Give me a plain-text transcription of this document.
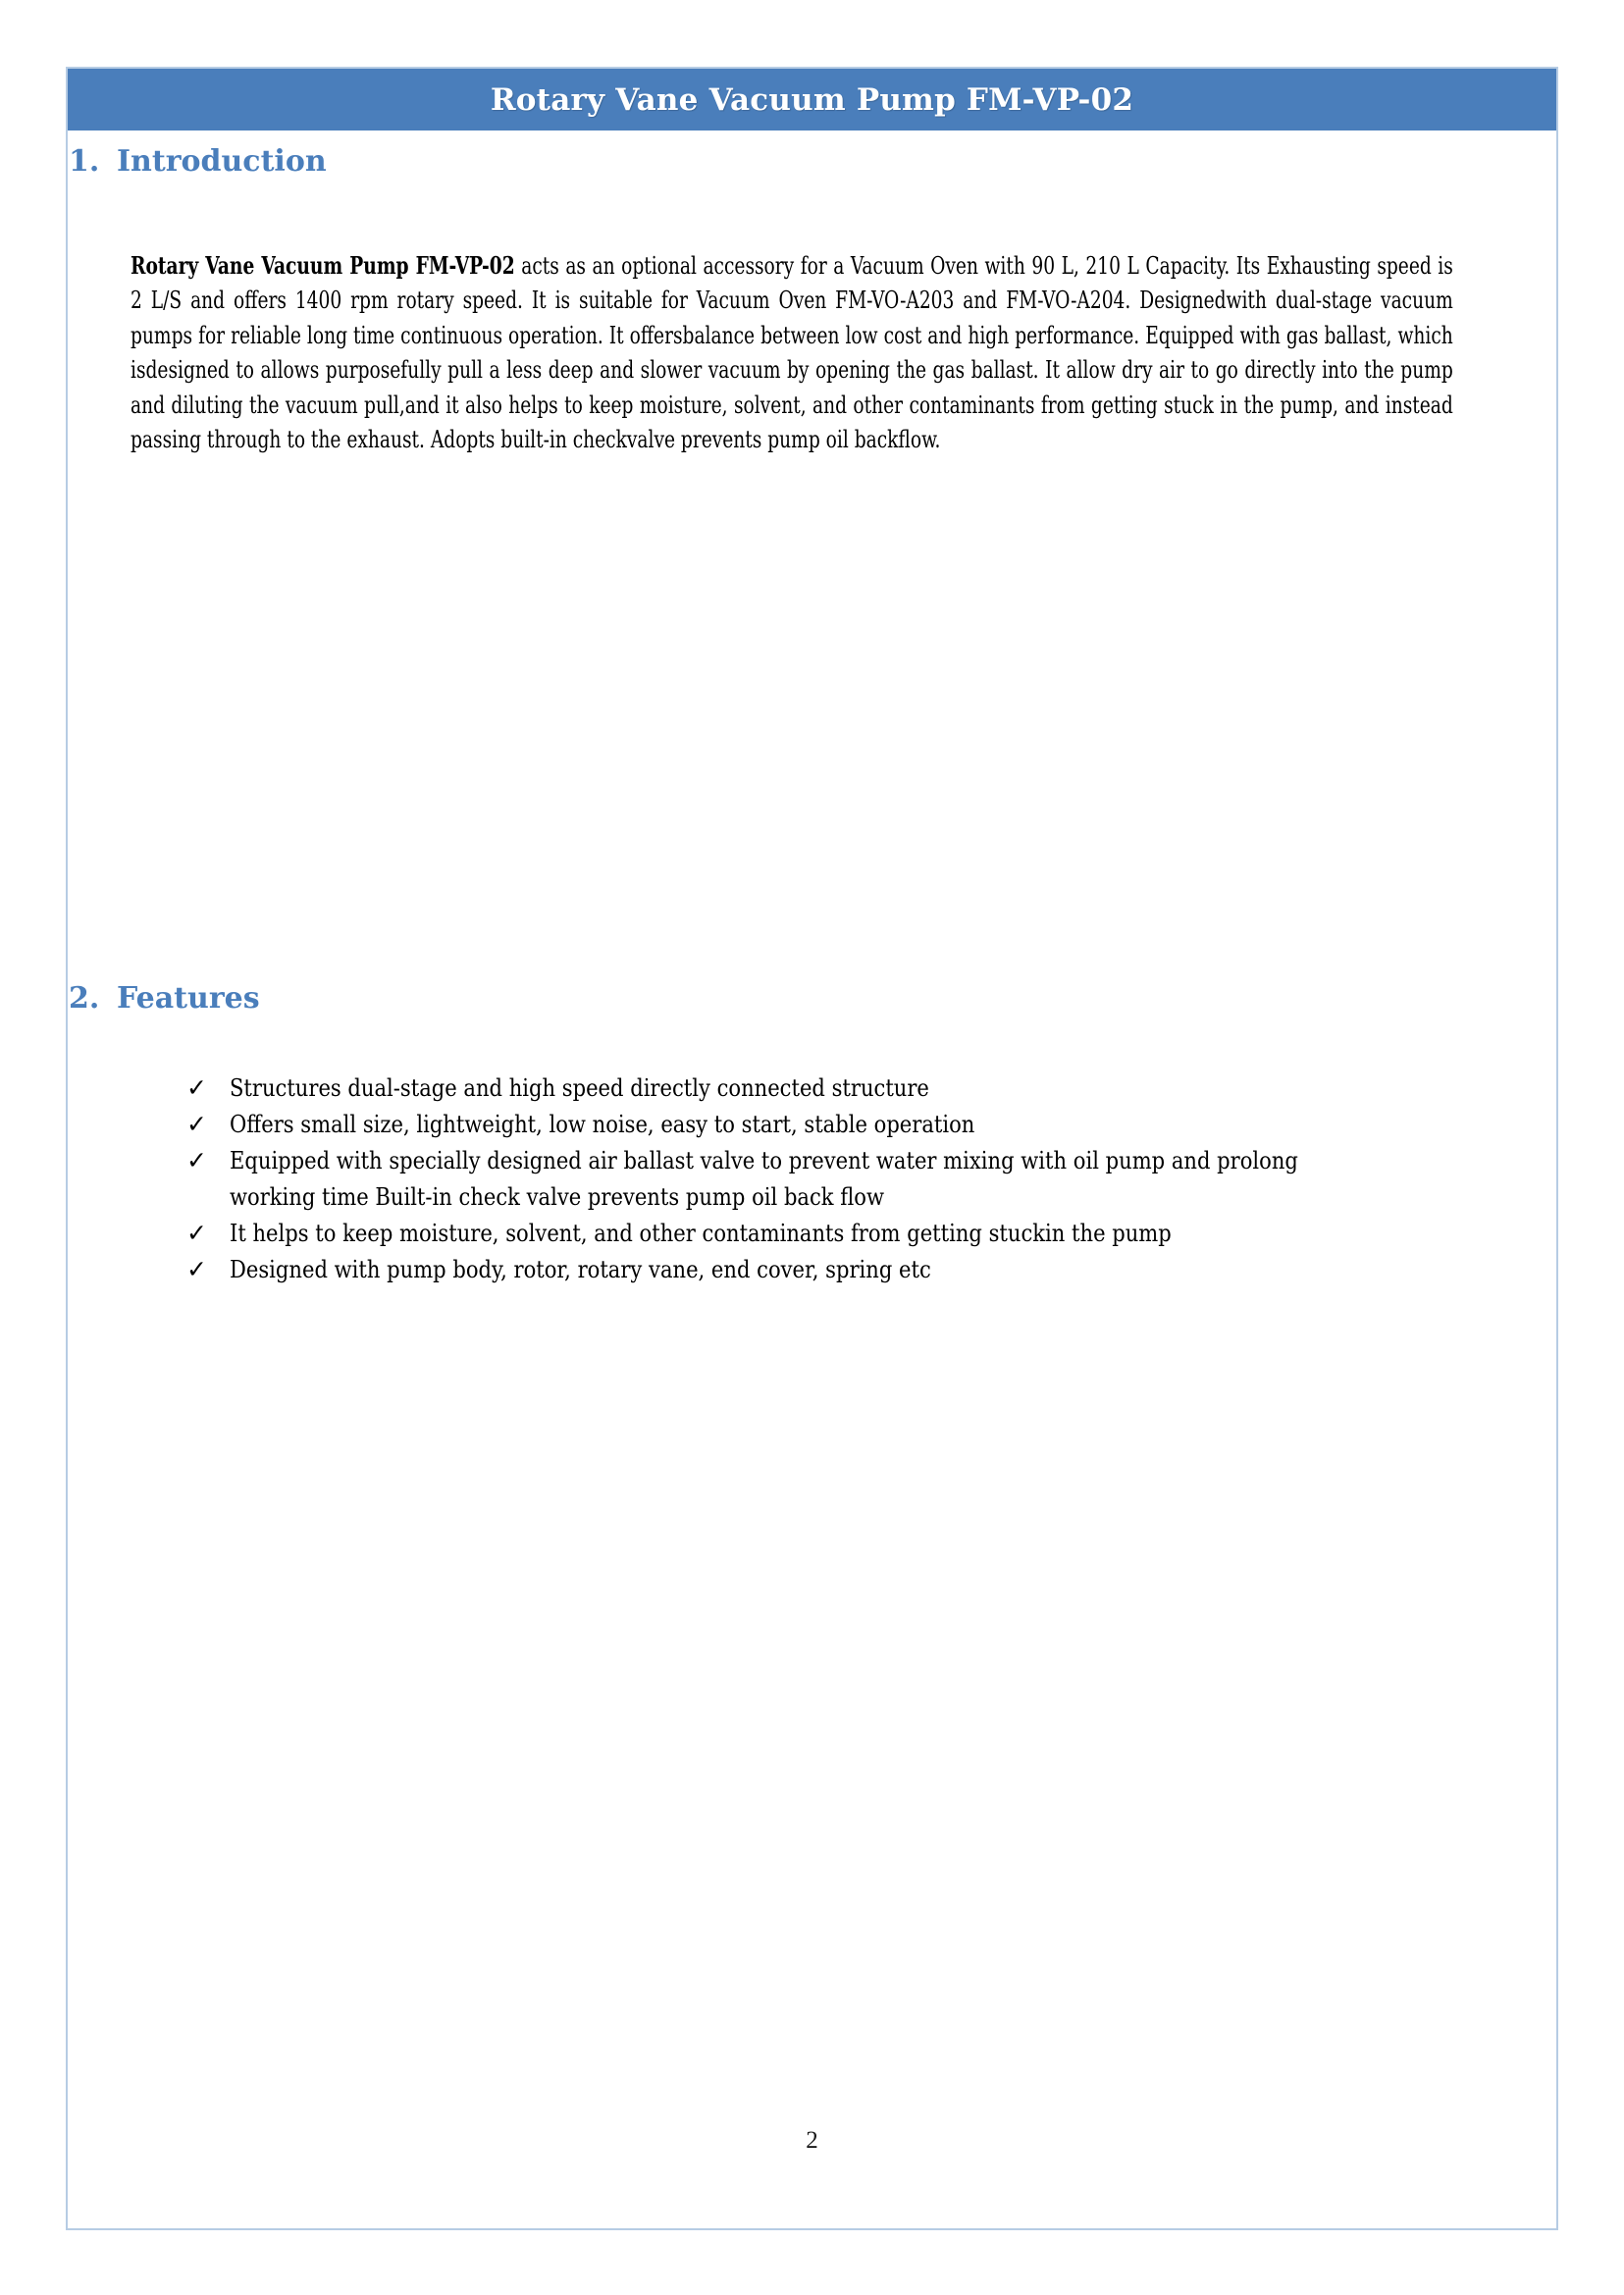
Rotary Vane Vacuum Pump FM-VP-02
1. Introduction

Rotary Vane Vacuum Pump FM-VP-02 acts as an optional accessory for a Vacuum Oven with 90 L, 210 L Capacity. Its Exhausting speed is 2 L/S and offers 1400 rpm rotary speed. It is suitable for Vacuum Oven FM-VO-A203 and FM-VO-A204. Designedwith dual-stage vacuum pumps for reliable long time continuous operation. It offersbalance between low cost and high performance. Equipped with gas ballast, which isdesigned to allows purposefully pull a less deep and slower vacuum by opening the gas ballast. It allow dry air to go directly into the pump and diluting the vacuum pull,and it also helps to keep moisture, solvent, and other contaminants from getting stuck in the pump, and instead passing through to the exhaust. Adopts built-in checkvalve prevents pump oil backflow.

2. Features
✓ Structures dual-stage and high speed directly connected structure
✓ Offers small size, lightweight, low noise, easy to start, stable operation
✓ Equipped with specially designed air ballast valve to prevent water mixing with oil pump and prolong working time Built-in check valve prevents pump oil back flow
✓ It helps to keep moisture, solvent, and other contaminants from getting stuckin the pump
✓ Designed with pump body, rotor, rotary vane, end cover, spring etc
2
